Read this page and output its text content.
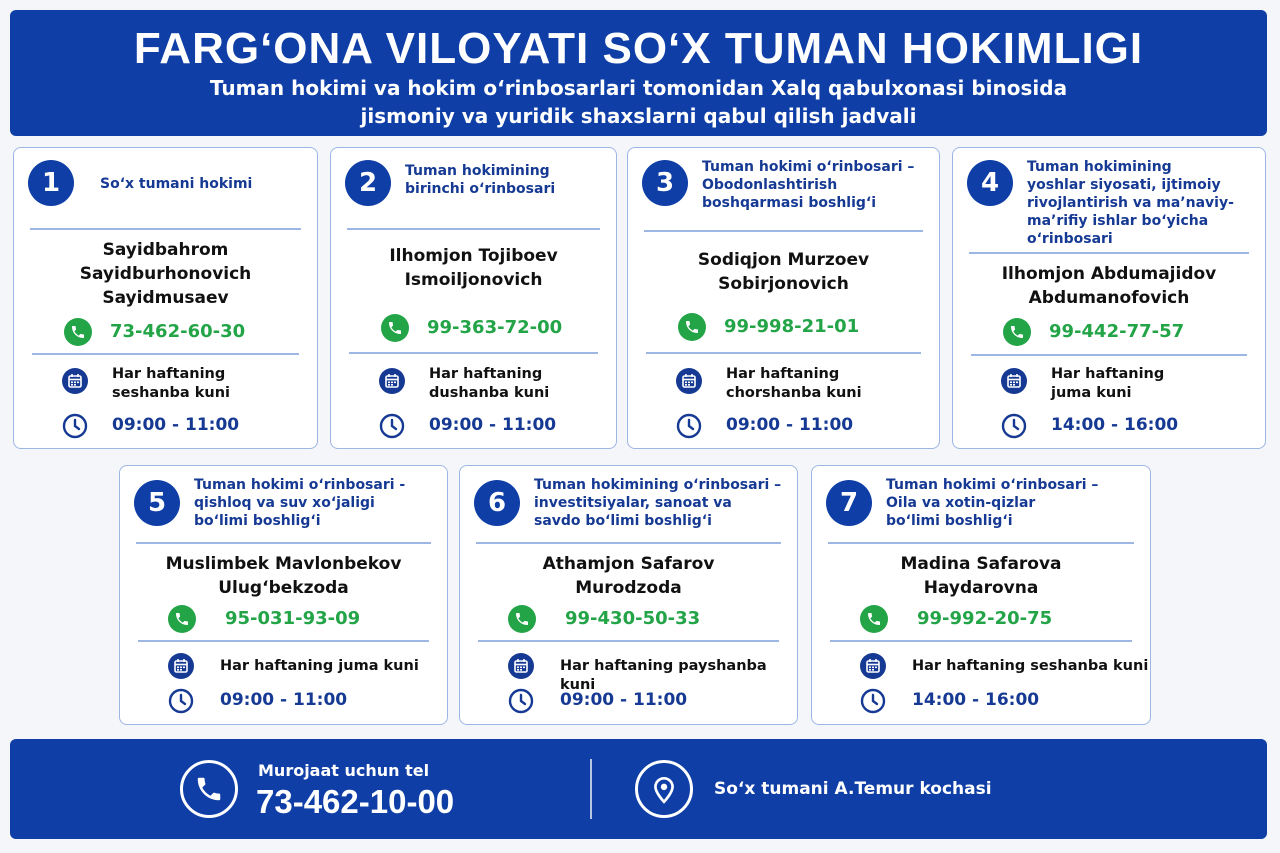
FARG‘ONA VILOYATI SO‘X TUMAN HOKIMLIGI
Tuman hokimi va hokim o‘rinbosarlari tomonidan Xalq qabulxonasi binosida
jismoniy va yuridik shaxslarni qabul qilish jadvali
1	So‘x tumani hokimi
Sayidbahrom
Sayidburhonovich
Sayidmusaev
73-462-60-30
Har haftaning
seshanba kuni
09:00 - 11:00
2	Tuman hokimining
birinchi o‘rinbosari
Ilhomjon Tojiboev
Ismoiljonovich
99-363-72-00
Har haftaning
dushanba kuni
09:00 - 11:00
3
Tuman hokimi o‘rinbosari –
Obodonlashtirish
boshqarmasi boshlig‘i
Sodiqjon Murzoev
Sobirjonovich
99-998-21-01
Har haftaning
chorshanba kuni
09:00 - 11:00
4
Tuman hokimining
yoshlar siyosati, ijtimoiy
rivojlantirish va ma’naviy-
ma’rifiy ishlar bo‘yicha
o‘rinbosari
Ilhomjon Abdumajidov
Abdumanofovich
99-442-77-57
Har haftaning
juma kuni
14:00 - 16:00
5
Tuman hokimi o‘rinbosari -
qishloq va suv xo‘jaligi
bo‘limi boshlig‘i
Muslimbek Mavlonbekov
Ulug‘bekzoda
95-031-93-09
Har haftaning juma kuni
09:00 - 11:00
6
Tuman hokimining o‘rinbosari –
investitsiyalar, sanoat va
savdo bo‘limi boshlig‘i
Athamjon Safarov
Murodzoda
99-430-50-33
Har haftaning payshanba kuni
09:00 - 11:00
7
Tuman hokimi o‘rinbosari –
Oila va xotin-qizlar
bo‘limi boshlig‘i
Madina Safarova
Haydarovna
99-992-20-75
Har haftaning seshanba kuni
14:00 - 16:00
Murojaat uchun tel
73-462-10-00	So‘x tumani A.Temur kochasi
